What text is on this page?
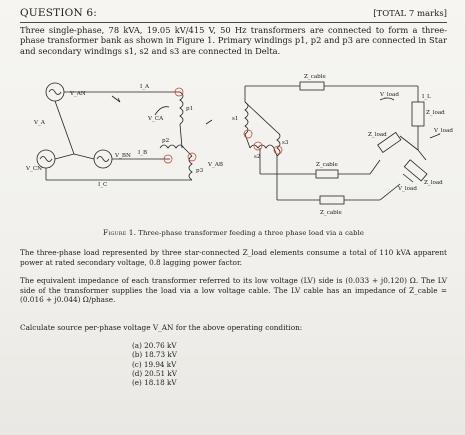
QUESTION 6:	[TOTAL 7 marks]
Three single-phase, 78 kVA, 19.05 kV/415 V, 50 Hz transformers are connected to form a three-phase transformer bank as shown in Figure 1. Primary windings p1, p2 and p3 are connected in Star and secondary windings s1, s2 and s3 are connected in Delta.
V_AN
V_CN
V_BN
V_A
V_CA
V_AB
I_A
I_B
I_C
p1
p2
p3
s1
s2
s3
Z_cable
Z_cable
Z_cable
Z_load
Z_load
Z_load
V_load
V_load
V_load
I_L
Figure 1. Three-phase transformer feeding a three phase load via a cable
The three-phase load represented by three star-connected Z_load elements consume a total of 110 kVA apparent power at rated secondary voltage, 0.8 lagging power factor.
The equivalent impedance of each transformer referred to its low voltage (LV) side is (0.033 + j0.120) Ω. The LV side of the transformer supplies the load via a low voltage cable. The LV cable has an impedance of Z_cable = (0.016 + j0.044) Ω/phase.
Calculate source per-phase voltage V_AN for the above operating condition:
(a) 20.76 kV
(b) 18.73 kV
(c) 19.94 kV
(d) 20.51 kV
(e) 18.18 kV
